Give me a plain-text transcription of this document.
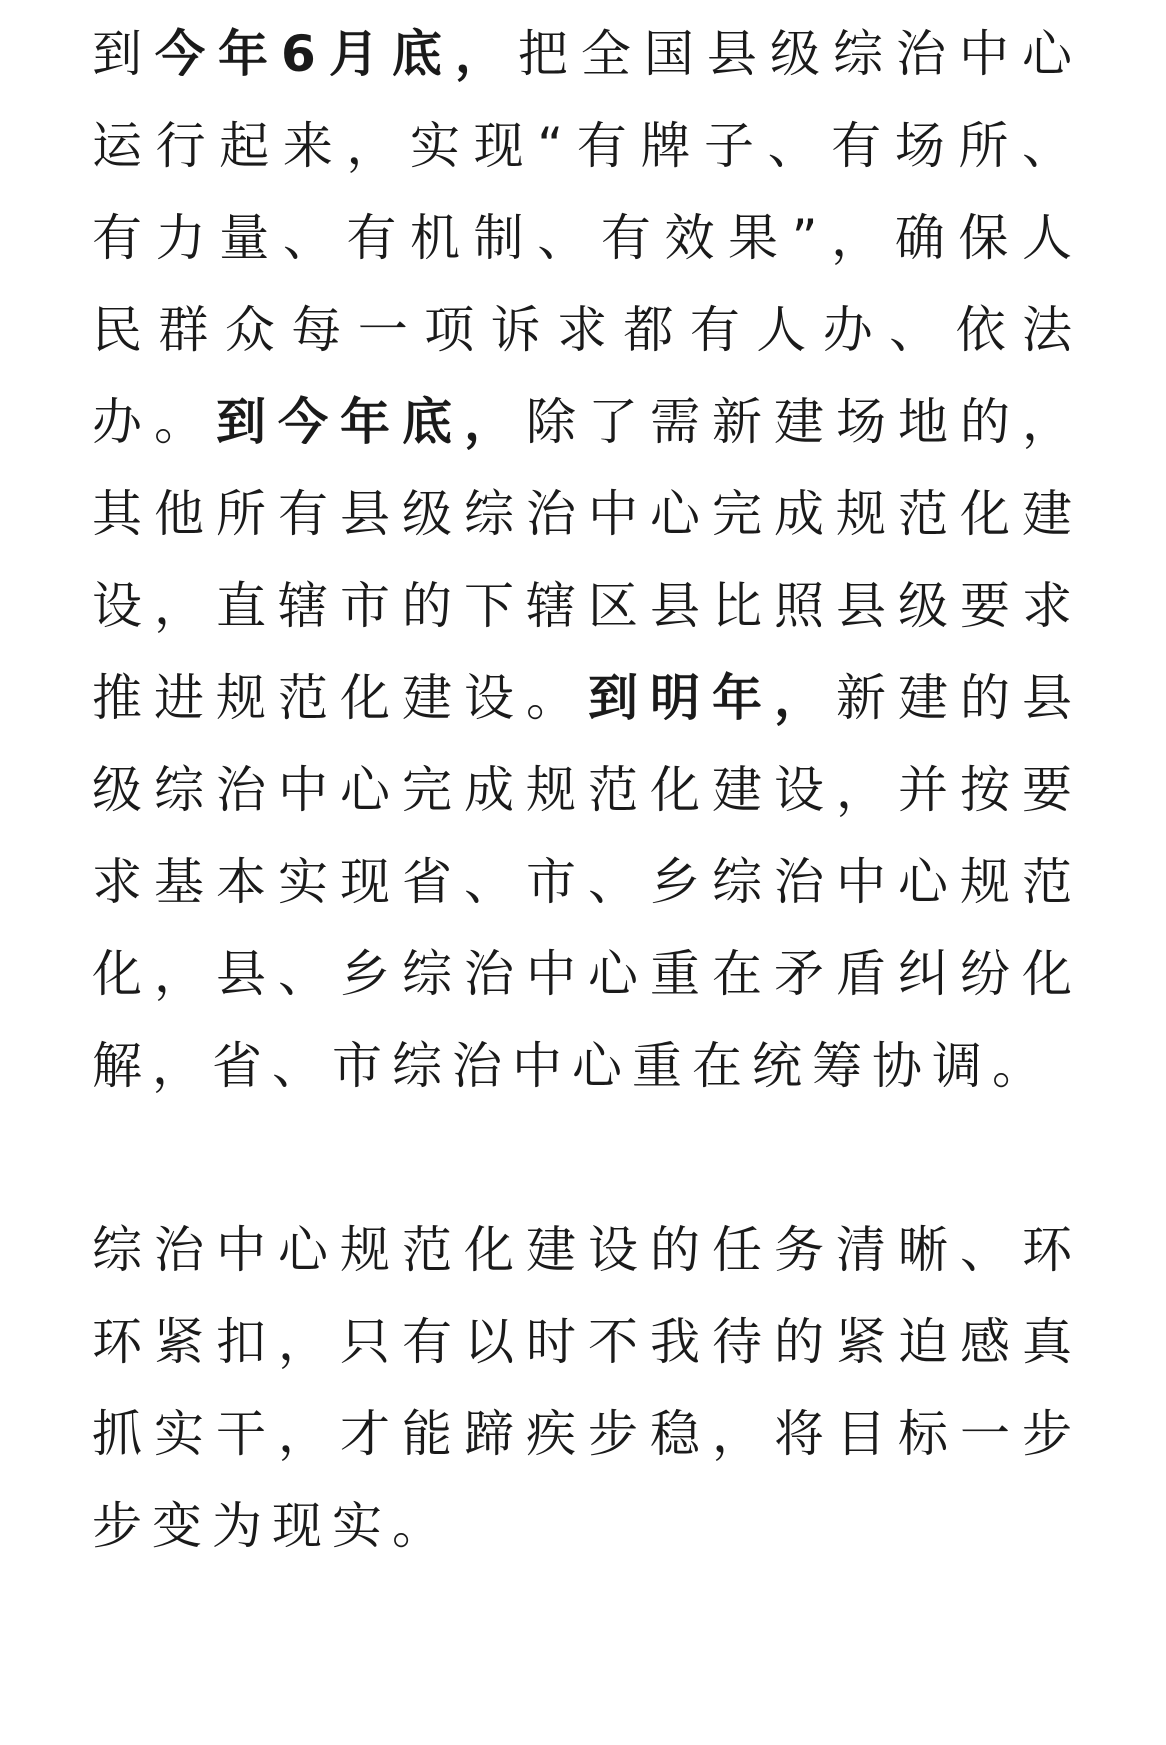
到今年6月底，把全国县级综治中心
运行起来，实现“有牌子、有场所、
有力量、有机制、有效果”，确保人
民群众每一项诉求都有人办、依法
办。到今年底，除了需新建场地的，
其他所有县级综治中心完成规范化建
设，直辖市的下辖区县比照县级要求
推进规范化建设。到明年，新建的县
级综治中心完成规范化建设，并按要
求基本实现省、市、乡综治中心规范
化，县、乡综治中心重在矛盾纠纷化
解，省、市综治中心重在统筹协调。

综治中心规范化建设的任务清晰、环
环紧扣，只有以时不我待的紧迫感真
抓实干，才能蹄疾步稳，将目标一步
步变为现实。
